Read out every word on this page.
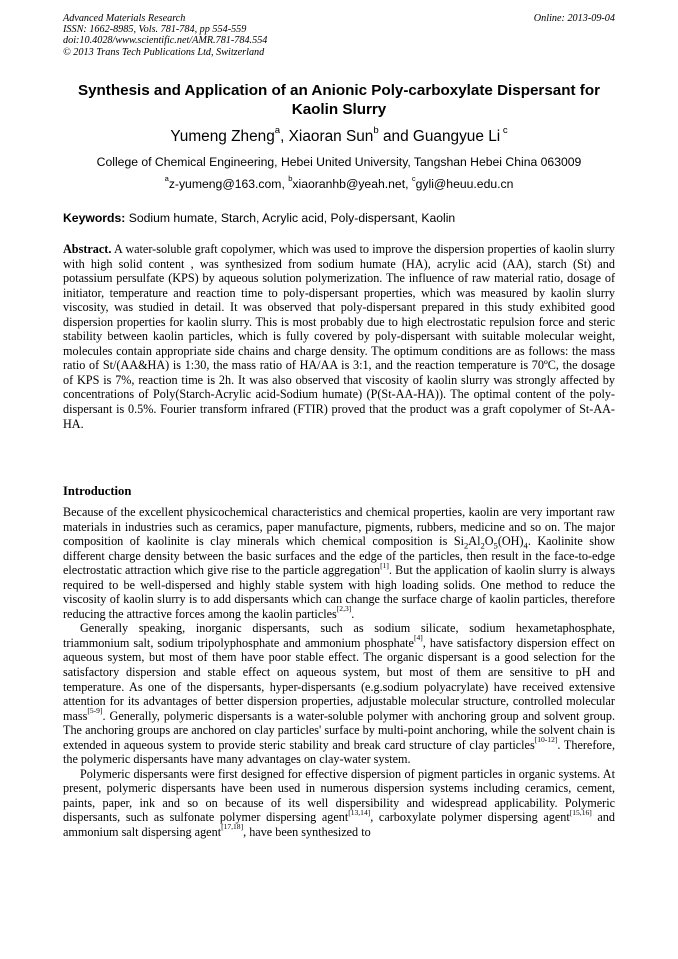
Advanced Materials Research
ISSN: 1662-8985, Vols. 781-784, pp 554-559
doi:10.4028/www.scientific.net/AMR.781-784.554
© 2013 Trans Tech Publications Ltd, Switzerland
Online: 2013-09-04
Synthesis and Application of an Anionic Poly-carboxylate Dispersant for Kaolin Slurry
Yumeng Zheng$^a$, Xiaoran Sun$^b$ and Guangyue Li $^c$
College of Chemical Engineering, Hebei United University, Tangshan Hebei China 063009
$^a$z-yumeng@163.com, $^b$xiaoranhb@yeah.net, $^c$gyli@heuu.edu.cn
Keywords: Sodium humate, Starch, Acrylic acid, Poly-dispersant, Kaolin
Abstract. A water-soluble graft copolymer, which was used to improve the dispersion properties of kaolin slurry with high solid content , was synthesized from sodium humate (HA), acrylic acid (AA), starch (St) and potassium persulfate (KPS) by aqueous solution polymerization. The influence of raw material ratio, dosage of initiator, temperature and reaction time to poly-dispersant properties, which was measured by kaolin slurry viscosity, was studied in detail. It was observed that poly-dispersant prepared in this study exhibited good dispersion properties for kaolin slurry. This is most probably due to high electrostatic repulsion force and steric stability between kaolin particles, which is fully covered by poly-dispersant with suitable molecular weight, molecules contain appropriate side chains and charge density. The optimum conditions are as follows: the mass ratio of St/(AA&HA) is 1:30, the mass ratio of HA/AA is 3:1, and the reaction temperature is 70ºC, the dosage of KPS is 7%, reaction time is 2h. It was also observed that viscosity of kaolin slurry was strongly affected by concentrations of Poly(Starch-Acrylic acid-Sodium humate) (P(St-AA-HA)). The optimal content of the poly-dispersant is 0.5%. Fourier transform infrared (FTIR) proved that the product was a graft copolymer of St-AA-HA.
Introduction

Because of the excellent physicochemical characteristics and chemical properties, kaolin are very important raw materials in industries such as ceramics, paper manufacture, pigments, rubbers, medicine and so on. The major composition of kaolinite is clay minerals which chemical composition is $Si_2Al_2O_5(OH)_4$. Kaolinite show different charge density between the basic surfaces and the edge of the particles, then result in the face-to-edge electrostatic attraction which give rise to the particle aggregation[1]. But the application of kaolin slurry is always required to be well-dispersed and highly stable system with high loading solids. One method to reduce the viscosity of kaolin slurry is to add dispersants which can change the surface charge of kaolin particles, therefore reducing the attractive forces among the kaolin particles[2,3].

Generally speaking, inorganic dispersants, such as sodium silicate, sodium hexametaphosphate, triammonium salt, sodium tripolyphosphate and ammonium phosphate[4], have satisfactory dispersion effect on aqueous system, but most of them have poor stable effect. The organic dispersant is a good selection for the satisfactory dispersion and stable effect on aqueous system, but most of them are sensitive to pH and temperature. As one of the dispersants, hyper-dispersants (e.g.sodium polyacrylate) have received extensive attention for its advantages of better dispersion properties, adjustable molecular structure, controlled molecular mass[5-9]. Generally, polymeric dispersants is a water-soluble polymer with anchoring group and solvent group. The anchoring groups are anchored on clay particles' surface by multi-point anchoring, while the solvent chain is extended in aqueous system to provide steric stability and break card structure of clay particles[10-12]. Therefore, the polymeric dispersants have many advantages on clay-water system.

Polymeric dispersants were first designed for effective dispersion of pigment particles in organic systems. At present, polymeric dispersants have been used in numerous dispersion systems including ceramics, cement, paints, paper, ink and so on because of its well dispersibility and widespread applicability. Polymeric dispersants, such as sulfonate polymer dispersing agent[13,14], carboxylate polymer dispersing agent[15,16] and ammonium salt dispersing agent[17,18], have been synthesized to
